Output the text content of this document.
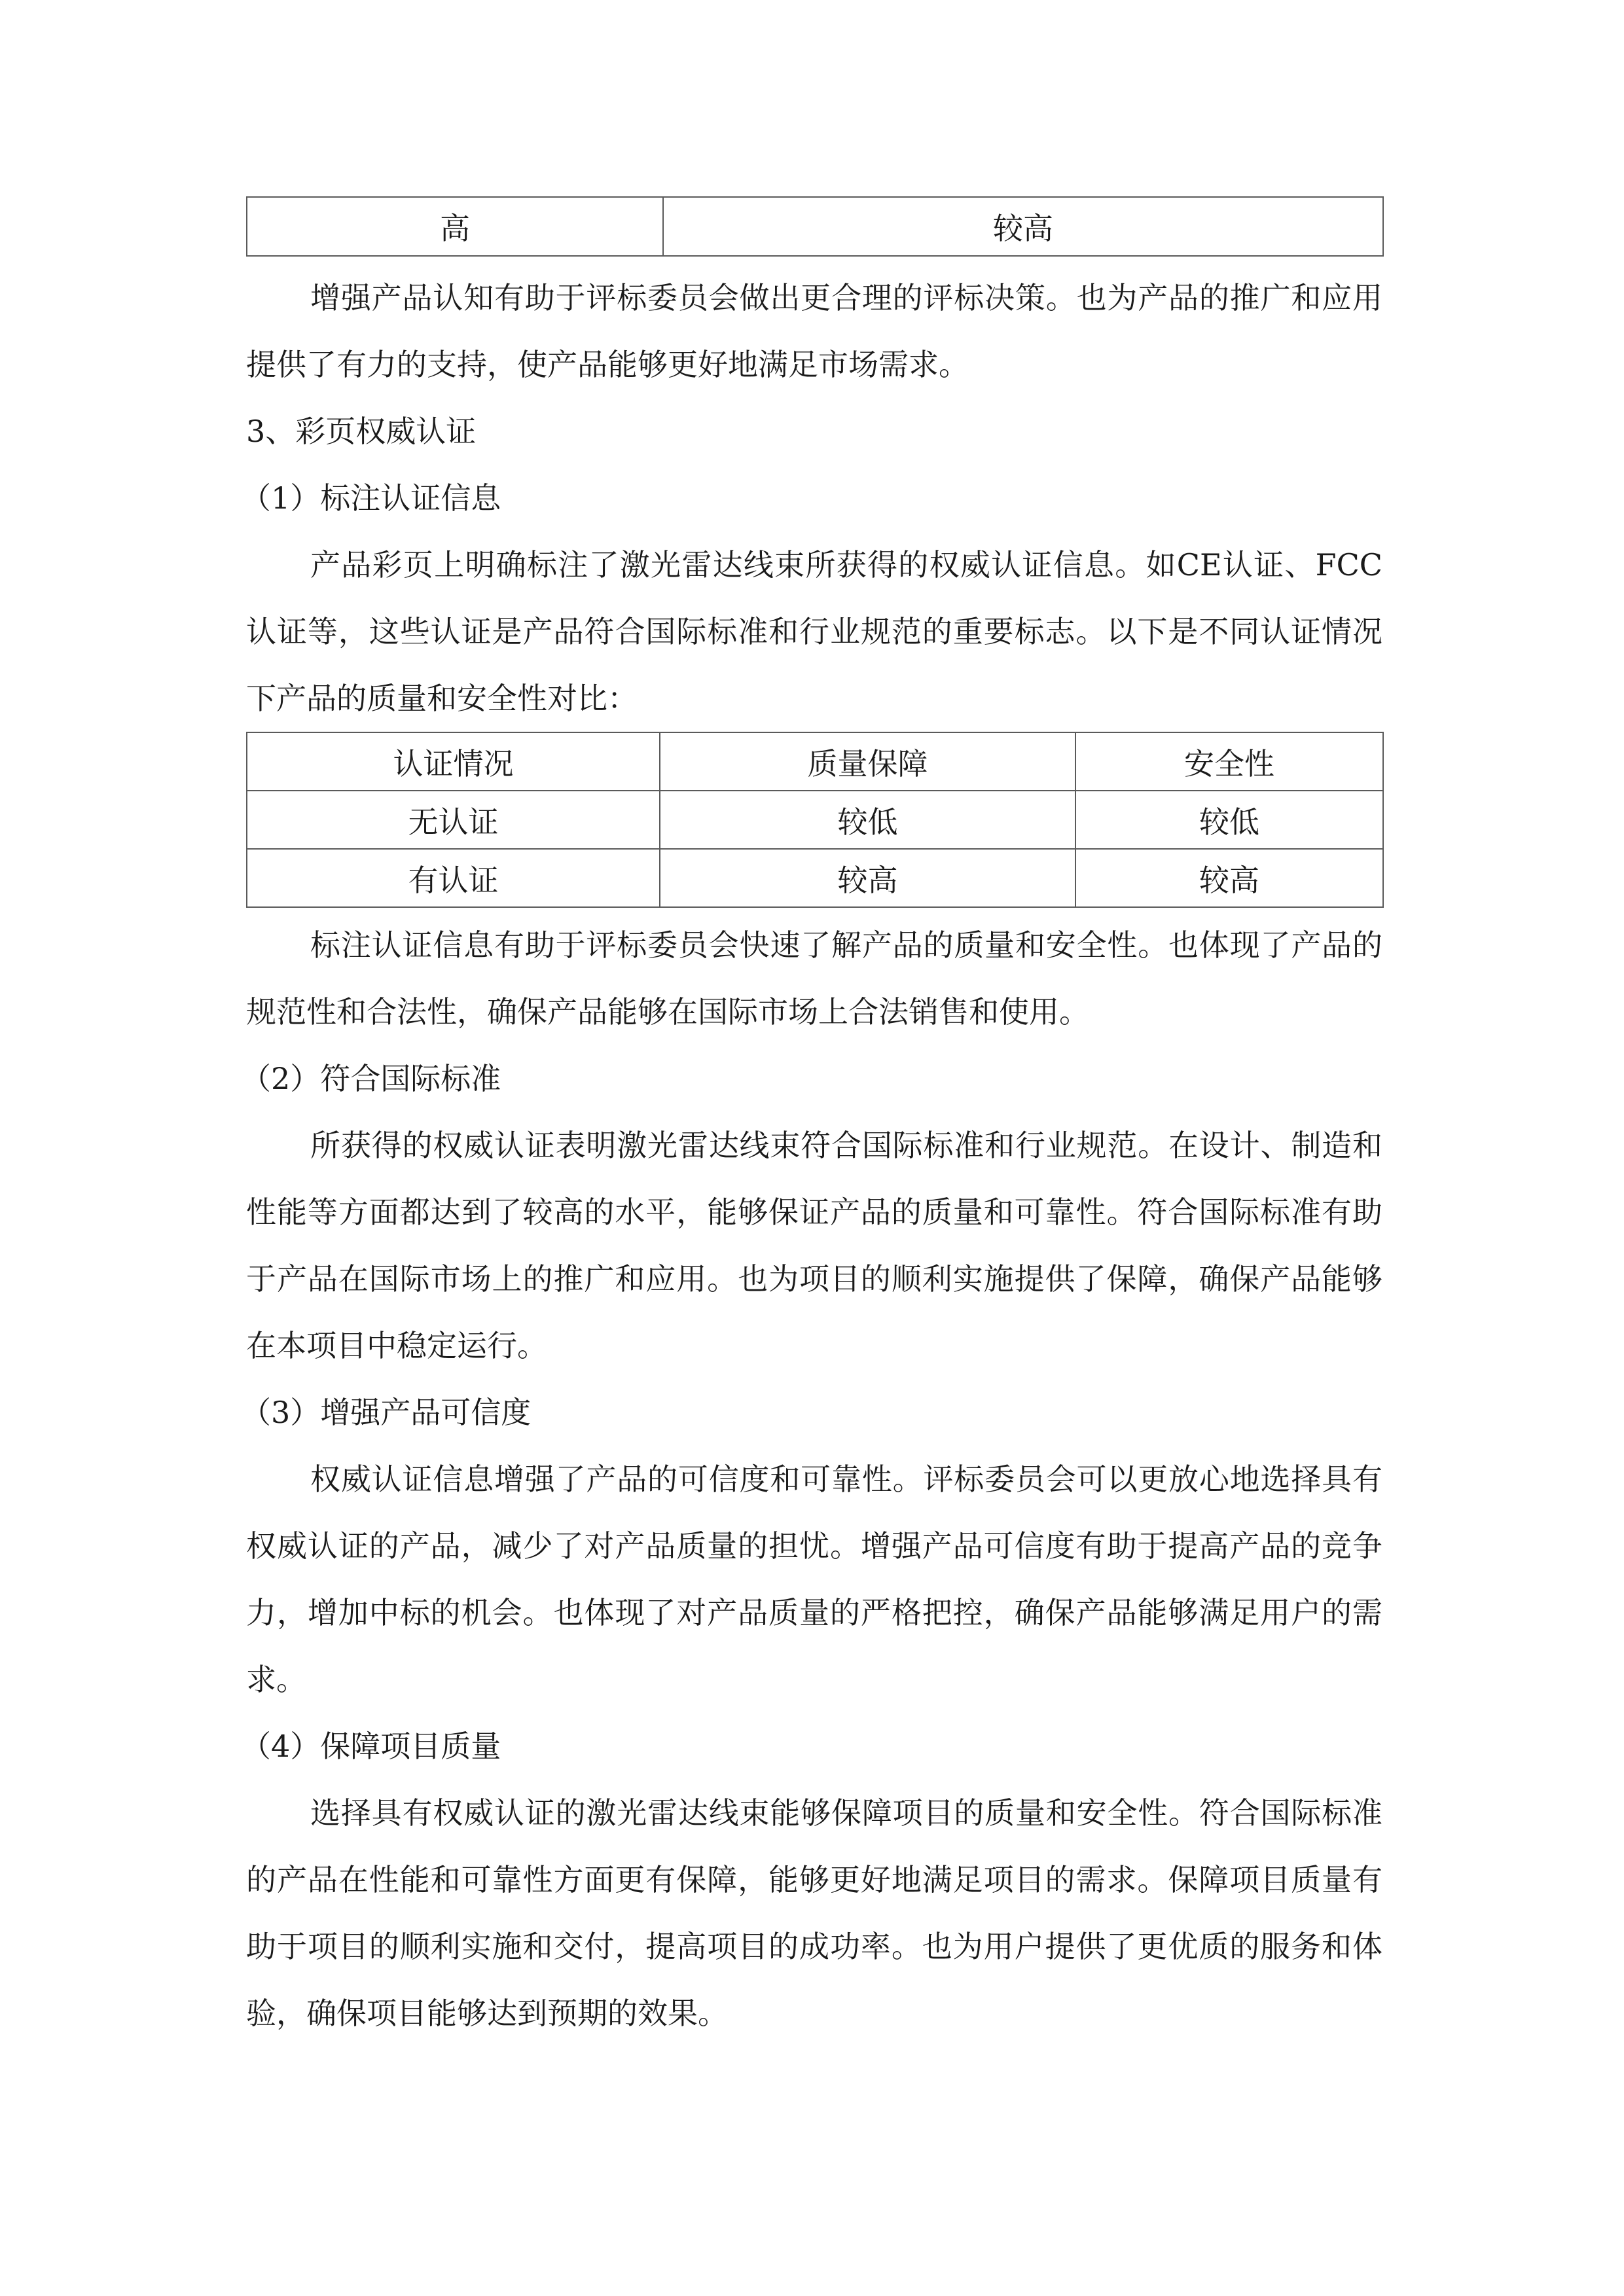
高	较高

增强产品认知有助于评标委员会做出更合理的评标决策。也为产品的推广和应用提供了有力的支持，使产品能够更好地满足市场需求。

3、彩页权威认证

（1）标注认证信息

产品彩页上明确标注了激光雷达线束所获得的权威认证信息。如CE认证、FCC认证等，这些认证是产品符合国际标准和行业规范的重要标志。以下是不同认证情况下产品的质量和安全性对比：

认证情况	质量保障	安全性
无认证	较低	较低
有认证	较高	较高

标注认证信息有助于评标委员会快速了解产品的质量和安全性。也体现了产品的规范性和合法性，确保产品能够在国际市场上合法销售和使用。

（2）符合国际标准

所获得的权威认证表明激光雷达线束符合国际标准和行业规范。在设计、制造和性能等方面都达到了较高的水平，能够保证产品的质量和可靠性。符合国际标准有助于产品在国际市场上的推广和应用。也为项目的顺利实施提供了保障，确保产品能够在本项目中稳定运行。

（3）增强产品可信度

权威认证信息增强了产品的可信度和可靠性。评标委员会可以更放心地选择具有权威认证的产品，减少了对产品质量的担忧。增强产品可信度有助于提高产品的竞争力，增加中标的机会。也体现了对产品质量的严格把控，确保产品能够满足用户的需求。

（4）保障项目质量

选择具有权威认证的激光雷达线束能够保障项目的质量和安全性。符合国际标准的产品在性能和可靠性方面更有保障，能够更好地满足项目的需求。保障项目质量有助于项目的顺利实施和交付，提高项目的成功率。也为用户提供了更优质的服务和体验，确保项目能够达到预期的效果。
